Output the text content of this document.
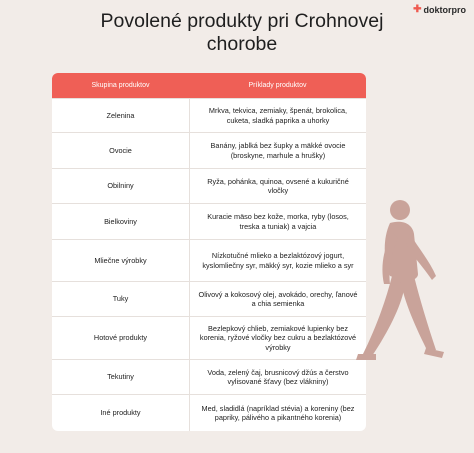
Povolené produkty pri Crohnovej chorobe
✚ doktorpro
Skupina produktov	Príklady produktov
Zelenina
Mrkva, tekvica, zemiaky, špenát, brokolica, cuketa, sladká paprika a uhorky
Ovocie
Banány, jablká bez šupky a mäkké ovocie (broskyne, marhule a hrušky)
Obilniny
Ryža, pohánka, quinoa, ovsené a kukuričné vločky
Bielkoviny
Kuracie mäso bez kože, morka, ryby (losos, treska a tuniak) a vajcia
Mliečne výrobky
Nízkotučné mlieko a bezlaktózový jogurt, kyslomliečny syr, mäkký syr, kozie mlieko a syr
Tuky
Olivový a kokosový olej, avokádo, orechy, ľanové a chia semienka
Hotové produkty
Bezlepkový chlieb, zemiakové lupienky bez korenia, ryžové vločky bez cukru a bezlaktózové výrobky
Tekutiny
Voda, zelený čaj, brusnicový džús a čerstvo vylisované šťavy (bez vlákniny)
Iné produkty
Med, sladidlá (napríklad stévia) a koreniny (bez papriky, pálivého a pikantného korenia)
